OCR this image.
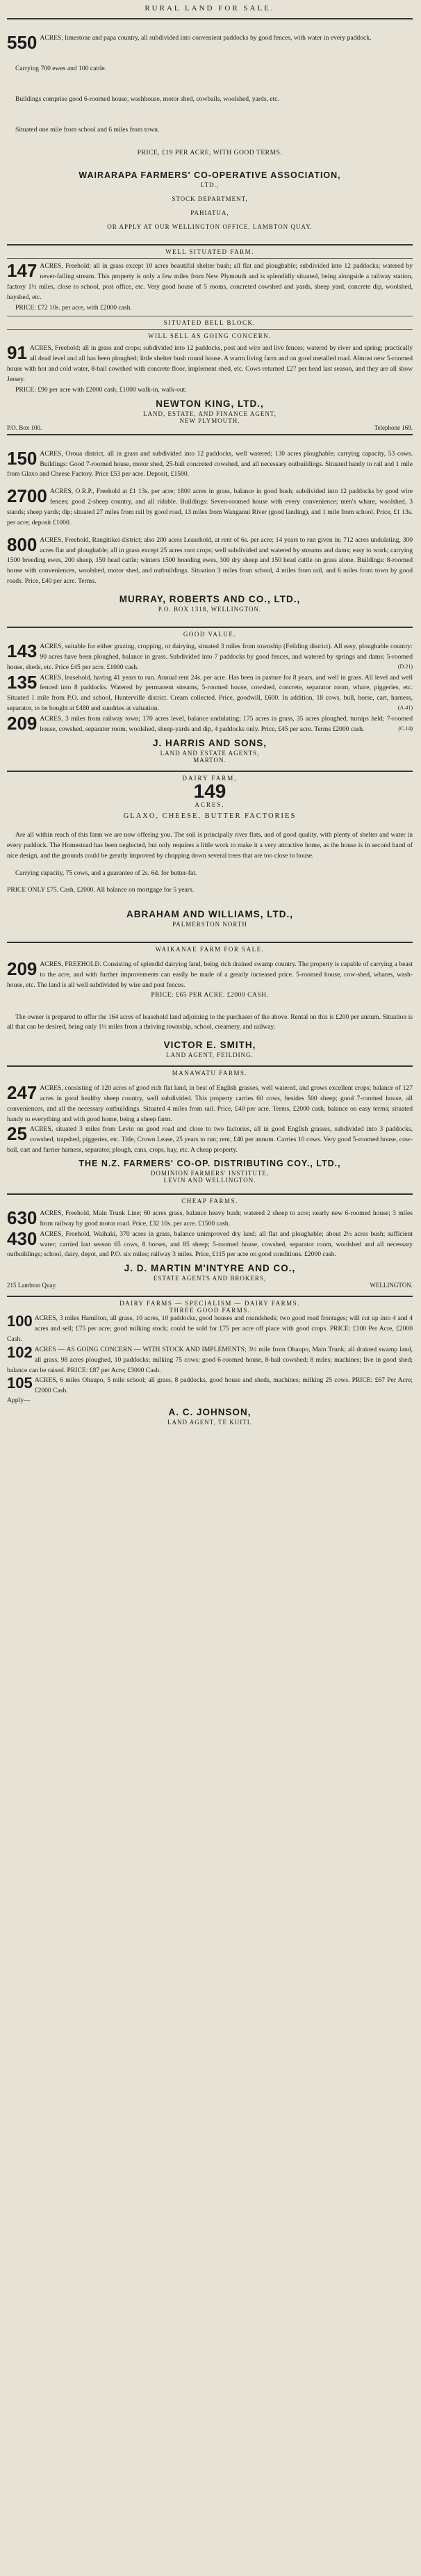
RURAL LAND FOR SALE.

550 ACRES, limestone and papa country, all subdivided into convenient paddocks by good fences, with water in every paddock.

Carrying 700 ewes and 100 cattle.

Buildings comprise good 6-roomed house, washhouse, motor shed, cowbails, woolshed, yards, etc.

Situated one mile from school and 6 miles from town.

PRICE, £19 PER ACRE, WITH GOOD TERMS.
WAIRARAPA FARMERS' CO-OPERATIVE ASSOCIATION,
LTD.,
STOCK DEPARTMENT,
PAHIATUA,
OR APPLY AT OUR WELLINGTON OFFICE, LAMBTON QUAY.
WELL SITUATED FARM.

147 ACRES, Freehold; all in grass except 10 acres beautiful shelter bush; all flat and ploughable; subdivided into 12 paddocks; watered by never-failing stream. This property is only a few miles from New Plymouth and is splendidly situated, being alongside a railway station, factory 1½ miles, close to school, post office, etc. Very good house of 5 rooms, concreted cowshed and yards, sheep yard, concrete dip, woolshed, hayshed, etc.

PRICE: £72 10s. per acre, with £2000 cash.
SITUATED BELL BLOCK.
WILL SELL AS GOING CONCERN.

91 ACRES, Freehold; all in grass and crops; subdivided into 12 paddocks, post and wire and live fences; watered by river and spring; practically all dead level and all has been ploughed; little shelter bush round house. A warm living farm and on good metalled road. Almost new 5-roomed house with hot and cold water, 8-bail cowshed with concrete floor, implement shed, etc. Cows returned £27 per head last season, and they are all show Jersey.

PRICE: £90 per acre with £2000 cash, £1000 walk-in, walk-out.
NEWTON KING, LTD.,
LAND, ESTATE, AND FINANCE AGENT,
NEW PLYMOUTH.
P.O. Box 100.	Telephone 169.

150 ACRES, Oroua district, all in grass and subdivided into 12 paddocks, well watered; 130 acres ploughable; carrying capacity, 53 cows. Buildings: Good 7-roomed house, motor shed, 25-bail concreted cowshed, and all necessary outbuildings. Situated handy to rail and 1 mile from Glaxo and Cheese Factory. Price £53 per acre. Deposit, £1500.

2700 ACRES, O.R.P., Freehold at £1 13s. per acre; 1800 acres in grass, balance in good bush; subdivided into 12 paddocks by good wire fences; good 2-sheep country, and all ridable. Buildings: Seven-roomed house with every convenience; men's whare, woolshed, 3 stands; sheep yards; dip; situated 27 miles from rail by good road, 13 miles from Wanganui River (good landing), and 1 mile from school. Price, £1 13s. per acre; deposit £1000.

800 ACRES, Freehold, Rangitikei district; also 200 acres Leasehold, at rent of 6s. per acre; 14 years to run given in; 712 acres undulating, 300 acres flat and ploughable; all in grass except 25 acres root crops; well subdivided and watered by streams and dams; easy to work; carrying 1500 breeding ewes, 200 sheep, 150 head cattle; winters 1500 breeding ewes, 300 dry sheep and 150 head cattle on grass alone. Buildings: 8-roomed house with conveniences, woolshed, motor shed, and outbuildings. Situation 3 miles from school, 4 miles from rail, and 6 miles from town by good roads. Price, £40 per acre. Terms.

MURRAY, ROBERTS AND CO., LTD.,
P.O. BOX 1318, WELLINGTON.
GOOD VALUE.

143 ACRES, suitable for either grazing, cropping, or dairying, situated 3 miles from township (Feilding district). All easy, ploughable country: 90 acres have been ploughed, balance in grass. Subdivided into 7 paddocks by good fences, and watered by springs and dams; 5-roomed house, sheds, etc. Price £45 per acre. £1000 cash.	(D.21)

135 ACRES, leasehold, having 41 years to run. Annual rent 24s. per acre. Has been in pasture for 8 years, and well in grass. All level and well fenced into 8 paddocks. Watered by permanent streams, 5-roomed house, cowshed, concrete, separator room, whare, piggeries, etc. Situated 1 mile from P.O. and school, Hunterville district. Cream collected. Price, goodwill, £600. In addition, 18 cows, bull, horse, cart, harness, separator, to be bought at £480 and sundries at valuation.	(A.41)

209 ACRES, 3 miles from railway town; 170 acres level, balance undulating; 175 acres in grass, 35 acres ploughed, turnips held; 7-roomed house, cowshed, separator room, woolshed, sheep-yards and dip, 4 paddocks only. Price, £45 per acre. Terms £2000 cash.	(C.14)

J. HARRIS AND SONS,
LAND AND ESTATE AGENTS,
MARTON.
DAIRY FARM,
149
ACRES.
GLAXO, CHEESE, BUTTER FACTORIES

Are all within reach of this farm we are now offering you. The soil is principally river flats, and of good quality, with plenty of shelter and water in every paddock. The Homestead has been neglected, but only requires a little work to make it a very attractive home, as the house is in second hand of nice design, and the grounds could be greatly improved by chopping down several trees that are too close to house.

Carrying capacity, 75 cows, and a guarantee of 2s. 6d. for butter-fat.

PRICE ONLY £75. Cash, £2000. All balance on mortgage for 5 years.

ABRAHAM AND WILLIAMS, LTD.,
PALMERSTON NORTH
WAIKANAE FARM FOR SALE.

209 ACRES, FREEHOLD. Consisting of splendid dairying land, being rich drained swamp country. The property is capable of carrying a beast to the acre, and with further improvements can easily be made of a greatly increased price. 5-roomed house, cow-shed, whares, wash-house, etc. The land is all well subdivided by wire and post fences.

PRICE: £65 PER ACRE. £2000 CASH.

The owner is prepared to offer the 164 acres of leasehold land adjoining to the purchaser of the above. Rental on this is £200 per annum. Situation is all that can be desired, being only 1½ miles from a thriving township, school, creamery, and railway.

VICTOR E. SMITH,
LAND AGENT, FEILDING.
MANAWATU FARMS.

247 ACRES, consisting of 120 acres of good rich flat land, in best of English grasses, well watered, and grows excellent crops; balance of 127 acres in good healthy sheep country, well subdivided. This property carries 60 cows, besides 500 sheep; good 7-roomed house, all conveniences, and all the necessary outbuildings. Situated 4 miles from rail. Price, £40 per acre. Terms, £2000 cash, balance on easy terms; situated handy to everything and with good home, being a sheep farm.

25 ACRES, situated 3 miles from Levin on good road and close to two factories, all in good English grasses, subdivided into 3 paddocks, cowshed, trapshed, piggeries, etc. Title, Crown Lease, 25 years to run; rent, £40 per annum. Carries 10 cows. Very good 5-roomed house, cow-bail, cart and farrier harness, separator, plough, cans, crops, hay, etc. A cheap property.

THE N.Z. FARMERS' CO-OP. DISTRIBUTING COY., LTD.,
DOMINION FARMERS' INSTITUTE,
LEVIN AND WELLINGTON.
CHEAP FARMS.

630 ACRES, Freehold, Main Trunk Line; 60 acres grass, balance heavy bush; watered 2 sheep to acre; nearly new 6-roomed house; 3 miles from railway by good motor road. Price, £32 10s. per acre. £1500 cash.

430 ACRES, Freehold, Waihaki, 370 acres in grass, balance unimproved dry land; all flat and ploughable; about 2½ acres bush; sufficient water; carried last season 65 cows, 8 horses, and 85 sheep; 5-roomed house, cowshed, separator room, woolshed and all necessary outbuildings; school, dairy, depot, and P.O. six miles; railway 3 miles. Price, £115 per acre on good conditions. £2000 cash.

J. D. MARTIN M'INTYRE AND CO.,
ESTATE AGENTS AND BROKERS,
215 Lambton Quay.	WELLINGTON.
DAIRY FARMS — SPECIALISM — DAIRY FARMS.
THREE GOOD FARMS.

100 ACRES, 3 miles Hamilton, all grass, 10 acres, 10 paddocks, good houses and roundsheds; two good road frontages; will cut up into 4 and 4 acres and sell; £75 per acre; good milking stock; could be sold for £75 per acre off place with good crops. PRICE: £100 Per Acre, £2000 Cash.

102 ACRES — AS GOING CONCERN — WITH STOCK AND IMPLEMENTS; 3½ mile from Ohaupo, Main Trunk; all drained swamp land, all grass, 98 acres ploughed, 10 paddocks; milking 75 cows; good 6-roomed house, 8-bail cowshed; 8 miles; machines; live in good shed; balance can be raised. PRICE: £87 per Acre; £3000 Cash.

105 ACRES, 6 miles Ohaupo, 5 mile school; all grass, 8 paddocks, good house and sheds, machines; milking 25 cows. PRICE: £67 Per Acre; £2000 Cash.

Apply—
A. C. JOHNSON,
LAND AGENT, TE KUITI.
